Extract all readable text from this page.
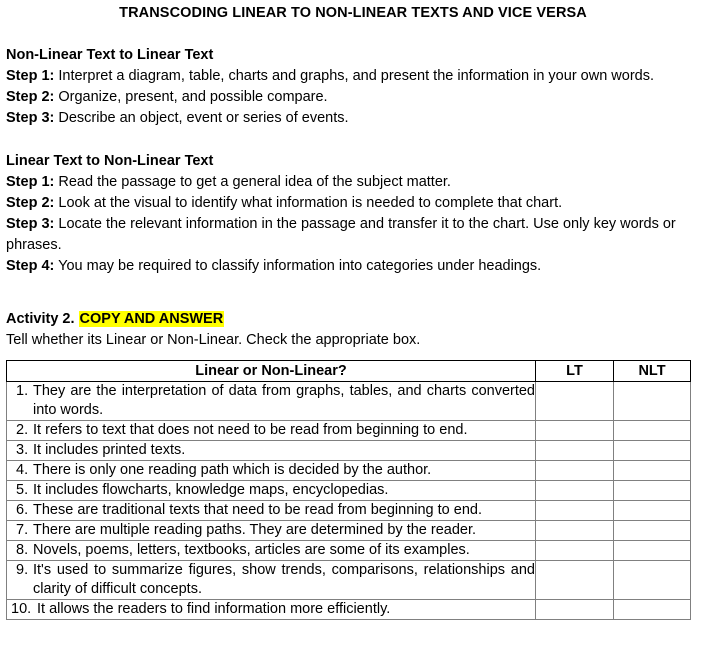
TRANSCODING LINEAR TO NON-LINEAR TEXTS AND VICE VERSA
Non-Linear Text to Linear Text

Step 1: Interpret a diagram, table, charts and graphs, and present the information in your own words.

Step 2: Organize, present, and possible compare.

Step 3: Describe an object, event or series of events.

Linear Text to Non-Linear Text

Step 1: Read the passage to get a general idea of the subject matter.

Step 2: Look at the visual to identify what information is needed to complete that chart.

Step 3: Locate the relevant information in the passage and transfer it to the chart. Use only key words or phrases.

Step 4: You may be required to classify information into categories under headings.

Activity 2. COPY AND ANSWER

Tell whether its Linear or Non-Linear. Check the appropriate box.

Linear or Non-Linear?	LT	NLT

1. They are the interpretation of data from graphs, tables, and charts converted into words.		

2. It refers to text that does not need to be read from beginning to end.		

3. It includes printed texts.		

4. There is only one reading path which is decided by the author.		

5. It includes flowcharts, knowledge maps, encyclopedias.		

6. These are traditional texts that need to be read from beginning to end.		

7. There are multiple reading paths. They are determined by the reader.		

8. Novels, poems, letters, textbooks, articles are some of its examples.		

9. It's used to summarize figures, show trends, comparisons, relationships and clarity of difficult concepts.		

10. It allows the readers to find information more efficiently.		
